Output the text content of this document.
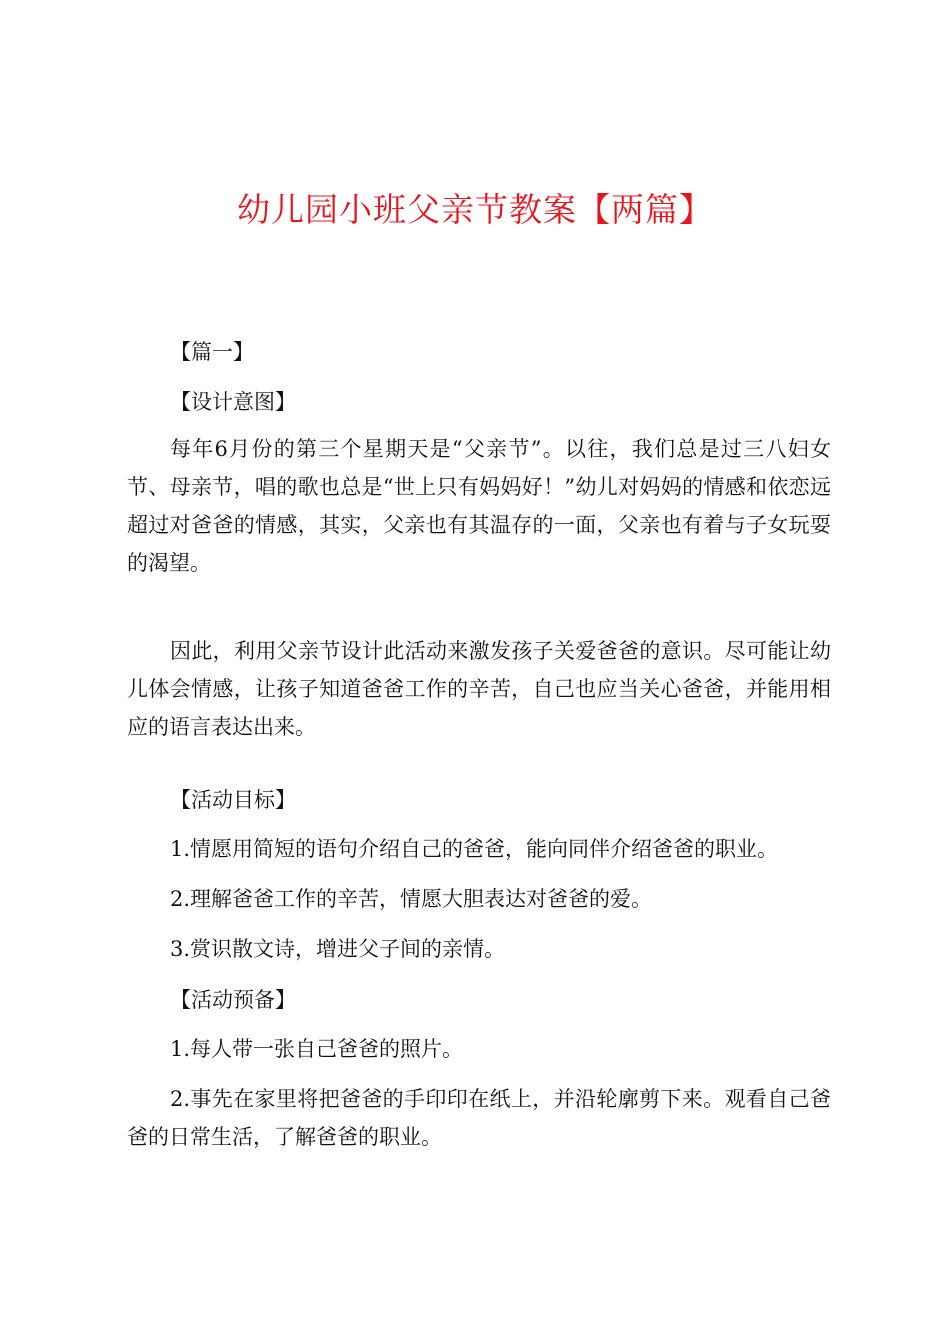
幼儿园小班父亲节教案【两篇】
【篇一】
【设计意图】

每年6月份的第三个星期天是“父亲节”。以往，我们总是过三八妇女节、母亲节，唱的歌也总是“世上只有妈妈好！”幼儿对妈妈的情感和依恋远超过对爸爸的情感，其实，父亲也有其温存的一面，父亲也有着与子女玩耍的渴望。

因此，利用父亲节设计此活动来激发孩子关爱爸爸的意识。尽可能让幼儿体会情感，让孩子知道爸爸工作的辛苦，自己也应当关心爸爸，并能用相应的语言表达出来。

【活动目标】

1.情愿用简短的语句介绍自己的爸爸，能向同伴介绍爸爸的职业。

2.理解爸爸工作的辛苦，情愿大胆表达对爸爸的爱。

3.赏识散文诗，增进父子间的亲情。

【活动预备】

1.每人带一张自己爸爸的照片。

2.事先在家里将把爸爸的手印印在纸上，并沿轮廓剪下来。观看自己爸爸的日常生活，了解爸爸的职业。
